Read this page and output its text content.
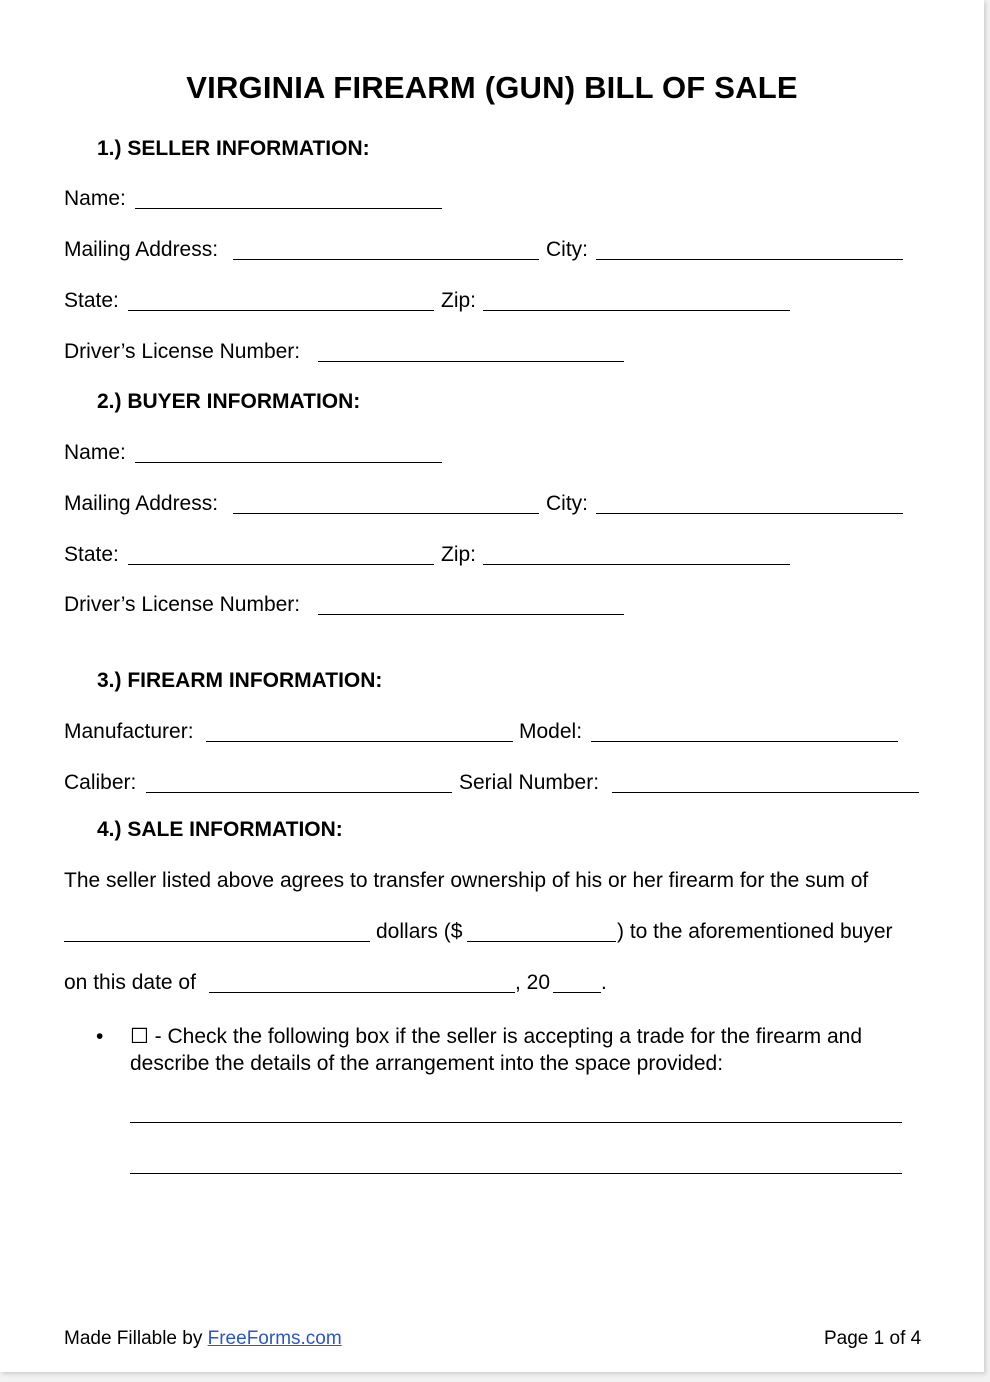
VIRGINIA FIREARM (GUN) BILL OF SALE
1.) SELLER INFORMATION:
Name:
Mailing Address:	City:
State:	Zip:
Driver’s License Number:
2.) BUYER INFORMATION:
Name:
Mailing Address:	City:
State:	Zip:
Driver’s License Number:
3.) FIREARM INFORMATION:
Manufacturer:	Model:
Caliber:	Serial Number:
4.) SALE INFORMATION:
The seller listed above agrees to transfer ownership of his or her firearm for the sum of
dollars ($	) to the aforementioned buyer
on this date of	, 20 .
• ☐ - Check the following box if the seller is accepting a trade for the firearm and describe the details of the arrangement into the space provided:
Made Fillable by FreeForms.com	Page 1 of 4
